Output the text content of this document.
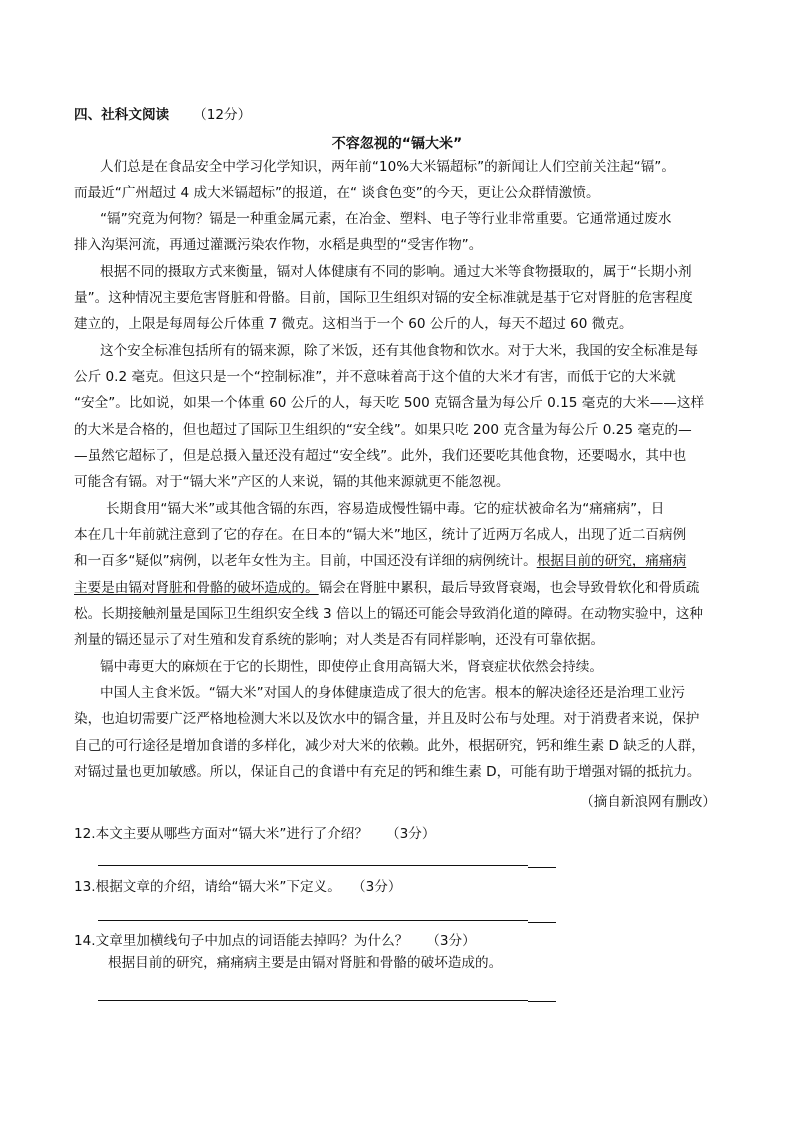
四、社科文阅读 （12分）
不容忽视的“镉大米”
人们总是在食品安全中学习化学知识，两年前“10%大米镉超标”的新闻让人们空前关注起“镉”。
而最近“广州超过 4 成大米镉超标”的报道，在“ 谈食色变”的今天，更让公众群情激愤。
“镉”究竟为何物？镉是一种重金属元素，在冶金、塑料、电子等行业非常重要。它通常通过废水
排入沟渠河流，再通过灌溉污染农作物，水稻是典型的“受害作物”。
根据不同的摄取方式来衡量，镉对人体健康有不同的影响。通过大米等食物摄取的，属于“长期小剂
量”。这种情况主要危害肾脏和骨骼。目前，国际卫生组织对镉的安全标准就是基于它对肾脏的危害程度
建立的，上限是每周每公斤体重 7 微克。这相当于一个 60 公斤的人，每天不超过 60 微克。
这个安全标准包括所有的镉来源，除了米饭，还有其他食物和饮水。对于大米，我国的安全标准是每
公斤 0.2 毫克。但这只是一个“控制标准”，并不意味着高于这个值的大米才有害，而低于它的大米就
“安全”。比如说，如果一个体重 60 公斤的人，每天吃 500 克镉含量为每公斤 0.15 毫克的大米——这样
的大米是合格的，但也超过了国际卫生组织的“安全线”。如果只吃 200 克含量为每公斤 0.25 毫克的—
—虽然它超标了，但是总摄入量还没有超过“安全线”。此外，我们还要吃其他食物，还要喝水，其中也
可能含有镉。对于“镉大米”产区的人来说，镉的其他来源就更不能忽视。
长期食用“镉大米”或其他含镉的东西，容易造成慢性镉中毒。它的症状被命名为“痛痛病”，日
本在几十年前就注意到了它的存在。在日本的“镉大米”地区，统计了近两万名成人，出现了近二百病例
和一百多“疑似”病例，以老年女性为主。目前，中国还没有详细的病例统计。根据目前的研究，痛痛病
主要是由镉对肾脏和骨骼的破坏造成的。镉会在肾脏中累积，最后导致肾衰竭，也会导致骨软化和骨质疏
松。长期接触剂量是国际卫生组织安全线 3 倍以上的镉还可能会导致消化道的障碍。在动物实验中，这种
剂量的镉还显示了对生殖和发育系统的影响；对人类是否有同样影响，还没有可靠依据。
镉中毒更大的麻烦在于它的长期性，即使停止食用高镉大米，肾衰症状依然会持续。
中国人主食米饭。“镉大米”对国人的身体健康造成了很大的危害。根本的解决途径还是治理工业污
染，也迫切需要广泛严格地检测大米以及饮水中的镉含量，并且及时公布与处理。对于消费者来说，保护
自己的可行途径是增加食谱的多样化，减少对大米的依赖。此外，根据研究，钙和维生素 D 缺乏的人群，
对镉过量也更加敏感。所以，保证自己的食谱中有充足的钙和维生素 D，可能有助于增强对镉的抵抗力。
（摘自新浪网有删改）
12.本文主要从哪些方面对“镉大米”进行了介绍？ （3分）
13.根据文章的介绍，请给“镉大米”下定义。 （3分）
14.文章里加横线句子中加点的词语能去掉吗？为什么？ （3分）
根据目前的研究，痛痛病主要是由镉对肾脏和骨骼的破坏造成的。
